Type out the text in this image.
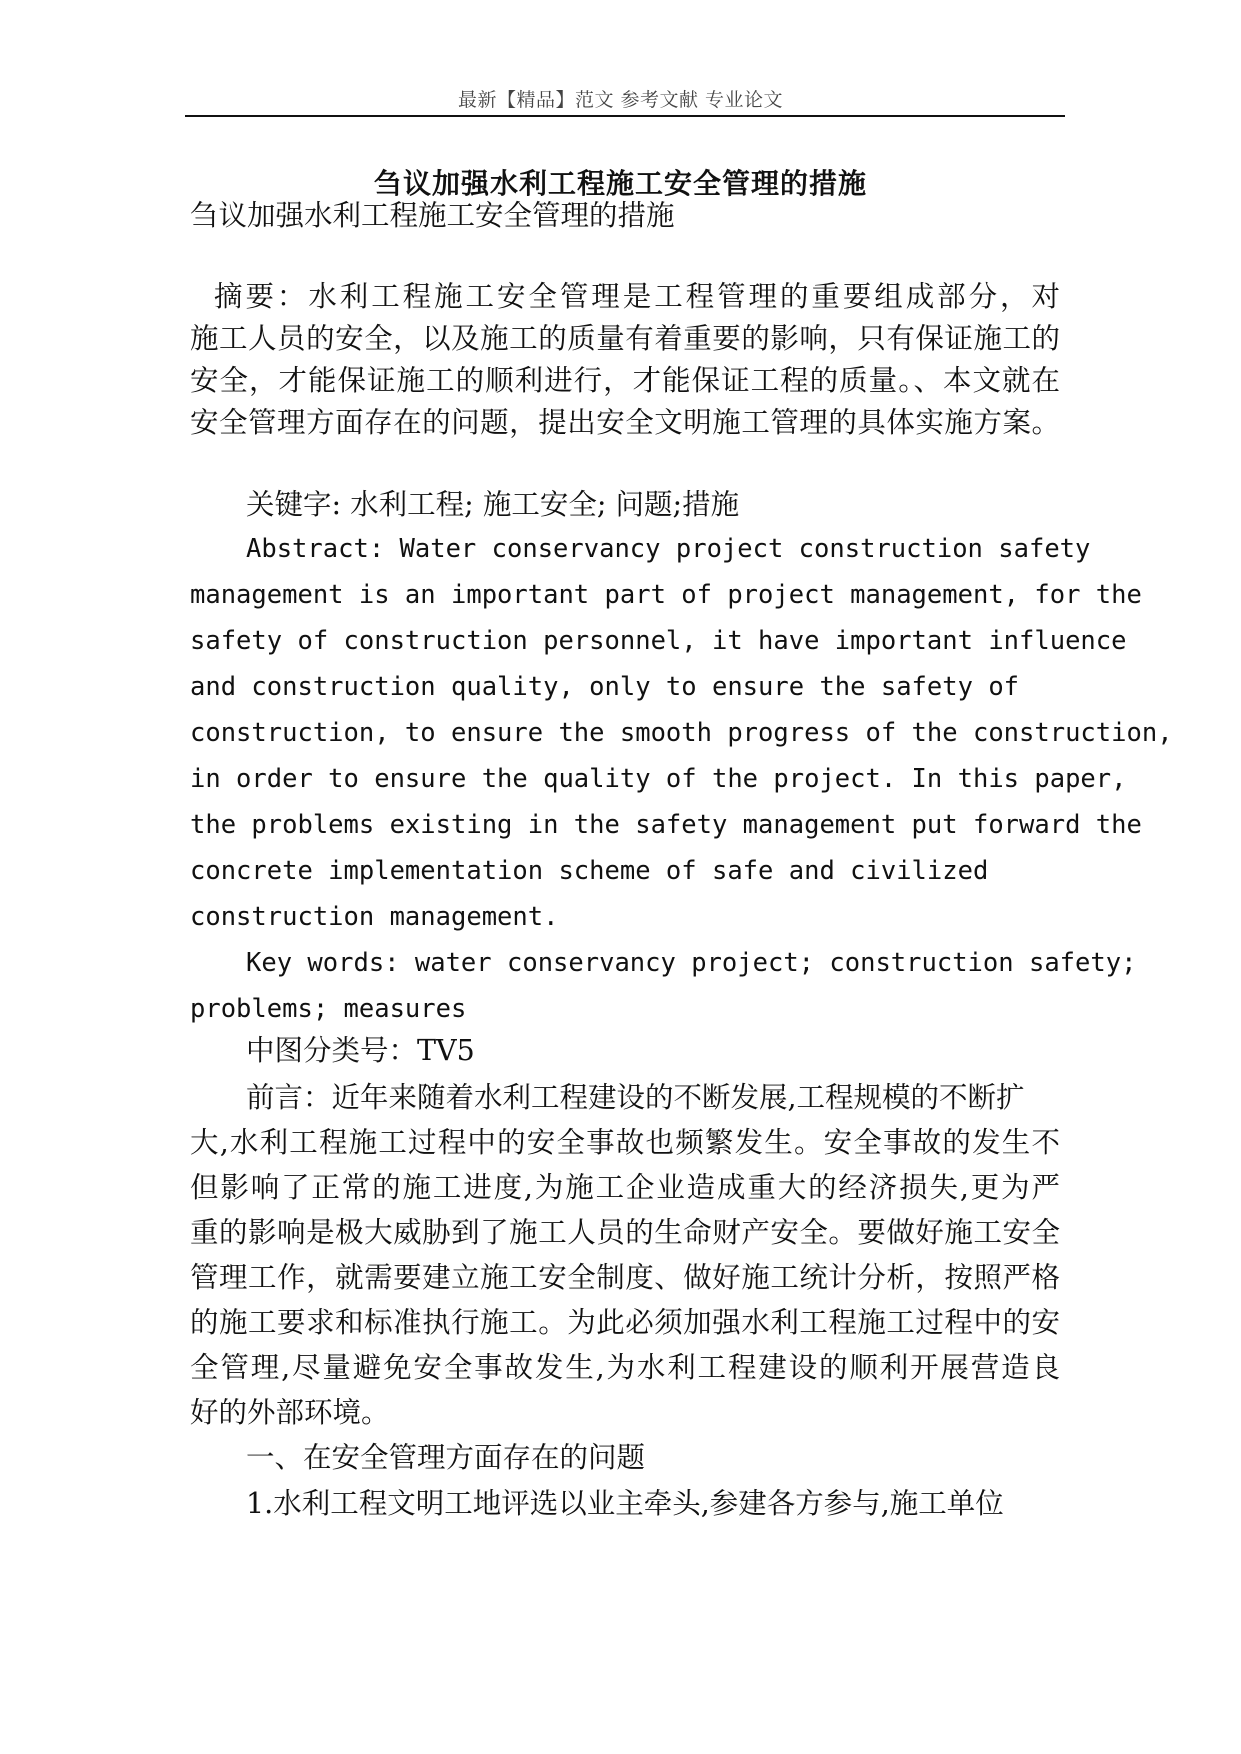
最新【精品】范文 参考文献 专业论文
刍议加强水利工程施工安全管理的措施

刍议加强水利工程施工安全管理的措施

摘要：水利工程施工安全管理是工程管理的重要组成部分，对

施工人员的安全，以及施工的质量有着重要的影响，只有保证施工的

安全，才能保证施工的顺利进行，才能保证工程的质量。、本文就在

安全管理方面存在的问题，提出安全文明施工管理的具体实施方案。

关键字: 水利工程; 施工安全; 问题;措施

Abstract: Water conservancy project construction safety

management is an important part of project management, for the

safety of construction personnel, it have important influence

and construction quality, only to ensure the safety of

construction, to ensure the smooth progress of the construction,

in order to ensure the quality of the project. In this paper,

the problems existing in the safety management put forward the

concrete implementation scheme of safe and civilized

construction management.

Key words: water conservancy project; construction safety;

problems; measures

中图分类号：TV5

前言：近年来随着水利工程建设的不断发展,工程规模的不断扩

大,水利工程施工过程中的安全事故也频繁发生。安全事故的发生不

但影响了正常的施工进度,为施工企业造成重大的经济损失,更为严

重的影响是极大威胁到了施工人员的生命财产安全。要做好施工安全

管理工作，就需要建立施工安全制度、做好施工统计分析，按照严格

的施工要求和标准执行施工。为此必须加强水利工程施工过程中的安

全管理,尽量避免安全事故发生,为水利工程建设的顺利开展营造良

好的外部环境。

一、在安全管理方面存在的问题

1.水利工程文明工地评选以业主牵头,参建各方参与,施工单位
